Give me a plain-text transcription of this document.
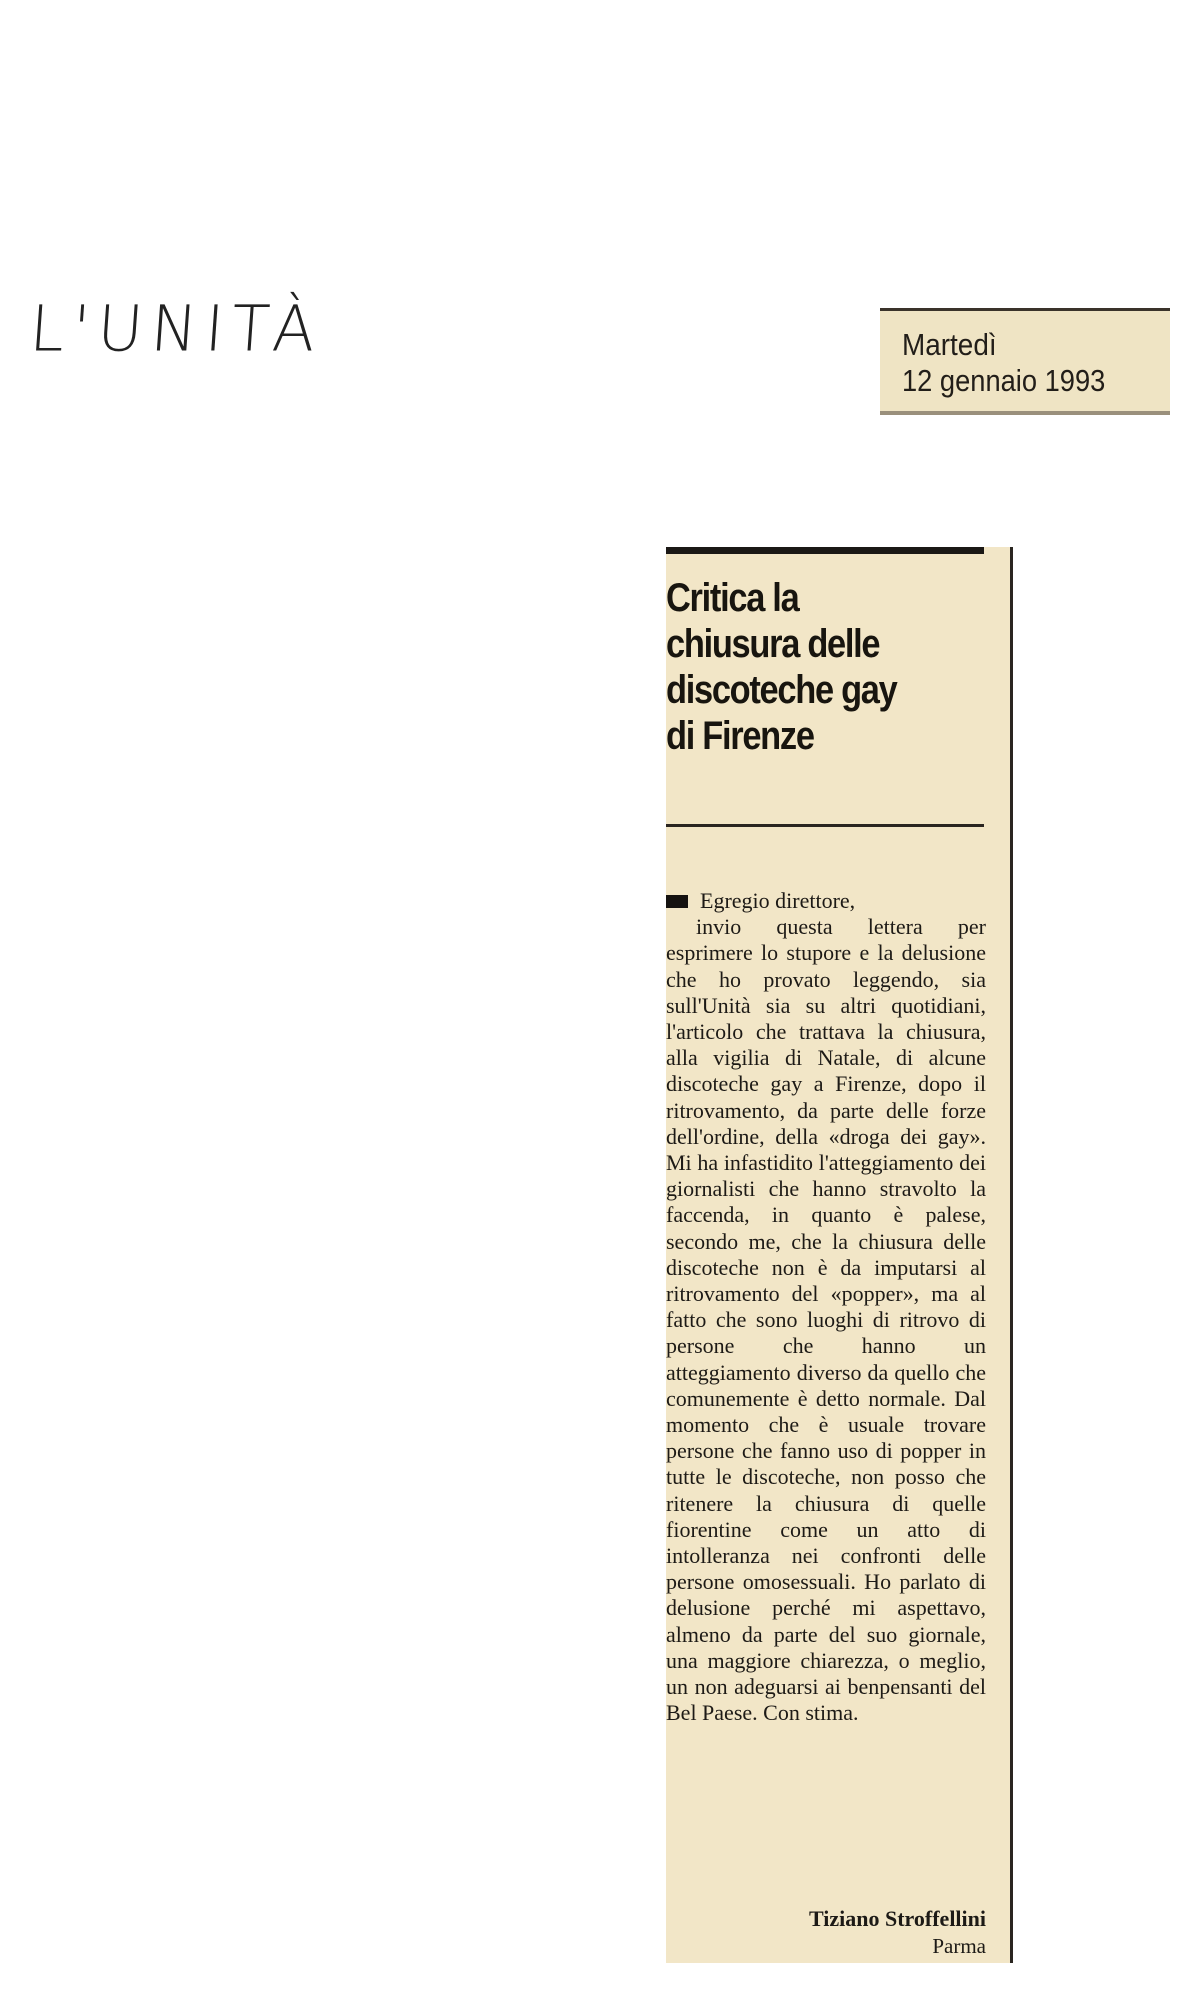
L'UNITÀ	Martedì
12 gennaio 1993
Critica la
chiusura delle
discoteche gay
di Firenze
Egregio direttore,

invio questa lettera per esprimere lo stupore e la delusione che ho provato leggendo, sia sull'Unità sia su altri quotidiani, l'articolo che trattava la chiusura, alla vigilia di Natale, di alcune discoteche gay a Firenze, dopo il ritrovamento, da parte delle forze dell'ordine, della «droga dei gay». Mi ha infastidito l'atteggiamento dei giornalisti che hanno stravolto la faccenda, in quanto è palese, secondo me, che la chiusura delle discoteche non è da imputarsi al ritrovamento del «popper», ma al fatto che sono luoghi di ritrovo di persone che hanno un atteggiamento diverso da quello che comunemente è detto normale. Dal momento che è usuale trovare persone che fanno uso di popper in tutte le discoteche, non posso che ritenere la chiusura di quelle fiorentine come un atto di intolleranza nei confronti delle persone omosessuali. Ho parlato di delusione perché mi aspettavo, almeno da parte del suo giornale, una maggiore chiarezza, o meglio, un non adeguarsi ai benpensanti del Bel Paese. Con stima.

Tiziano Stroffellini
Parma
